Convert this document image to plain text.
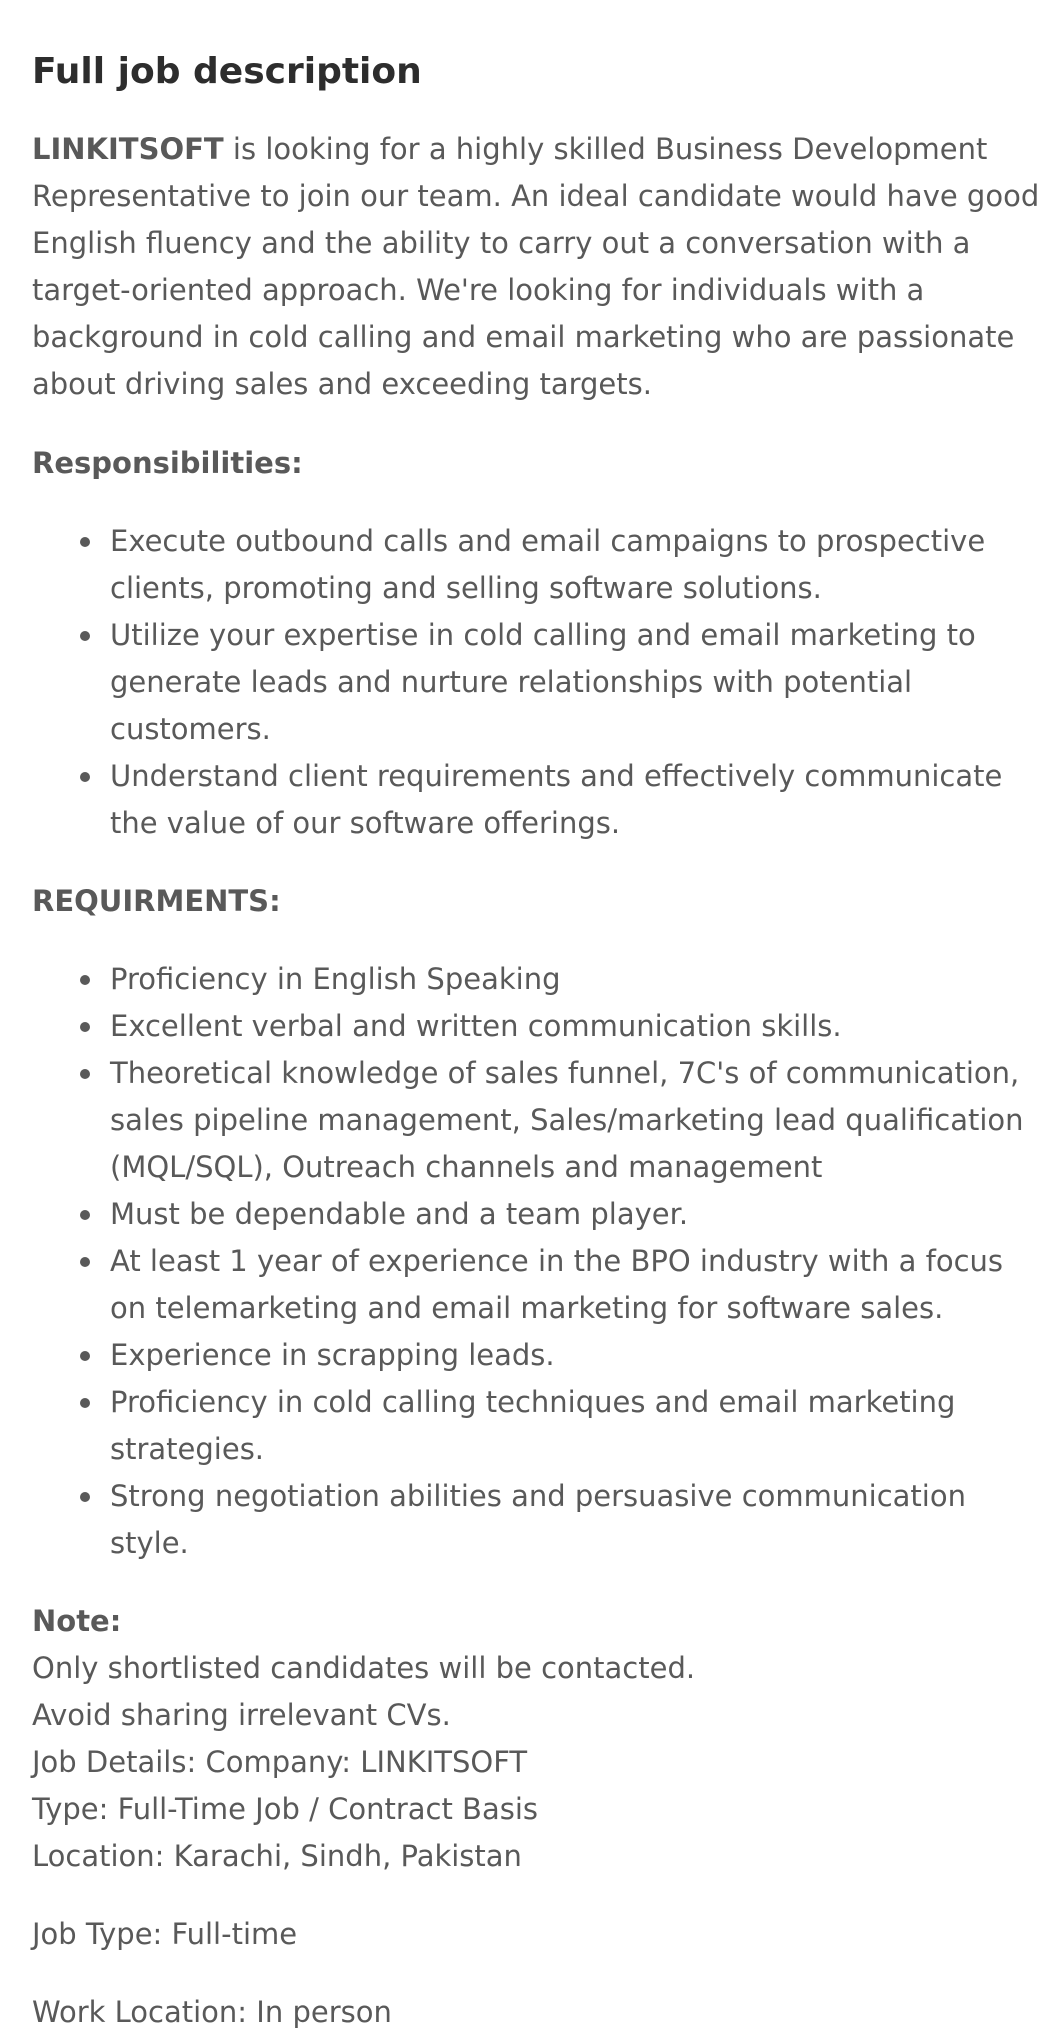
Full job description

LINKITSOFT is looking for a highly skilled Business Development Representative to join our team. An ideal candidate would have good English fluency and the ability to carry out a conversation with a target-oriented approach. We're looking for individuals with a background in cold calling and email marketing who are passionate about driving sales and exceeding targets.

Responsibilities:

Execute outbound calls and email campaigns to prospective clients, promoting and selling software solutions.
Utilize your expertise in cold calling and email marketing to generate leads and nurture relationships with potential customers.
Understand client requirements and effectively communicate the value of our software offerings.

REQUIRMENTS:

Proficiency in English Speaking
Excellent verbal and written communication skills.
Theoretical knowledge of sales funnel, 7C's of communication, sales pipeline management, Sales/marketing lead qualification (MQL/SQL), Outreach channels and management
Must be dependable and a team player.
At least 1 year of experience in the BPO industry with a focus on telemarketing and email marketing for software sales.
Experience in scrapping leads.
Proficiency in cold calling techniques and email marketing strategies.
Strong negotiation abilities and persuasive communication style.

Note:

Only shortlisted candidates will be contacted.

Avoid sharing irrelevant CVs.

Job Details: Company: LINKITSOFT

Type: Full-Time Job / Contract Basis

Location: Karachi, Sindh, Pakistan

Job Type: Full-time

Work Location: In person
